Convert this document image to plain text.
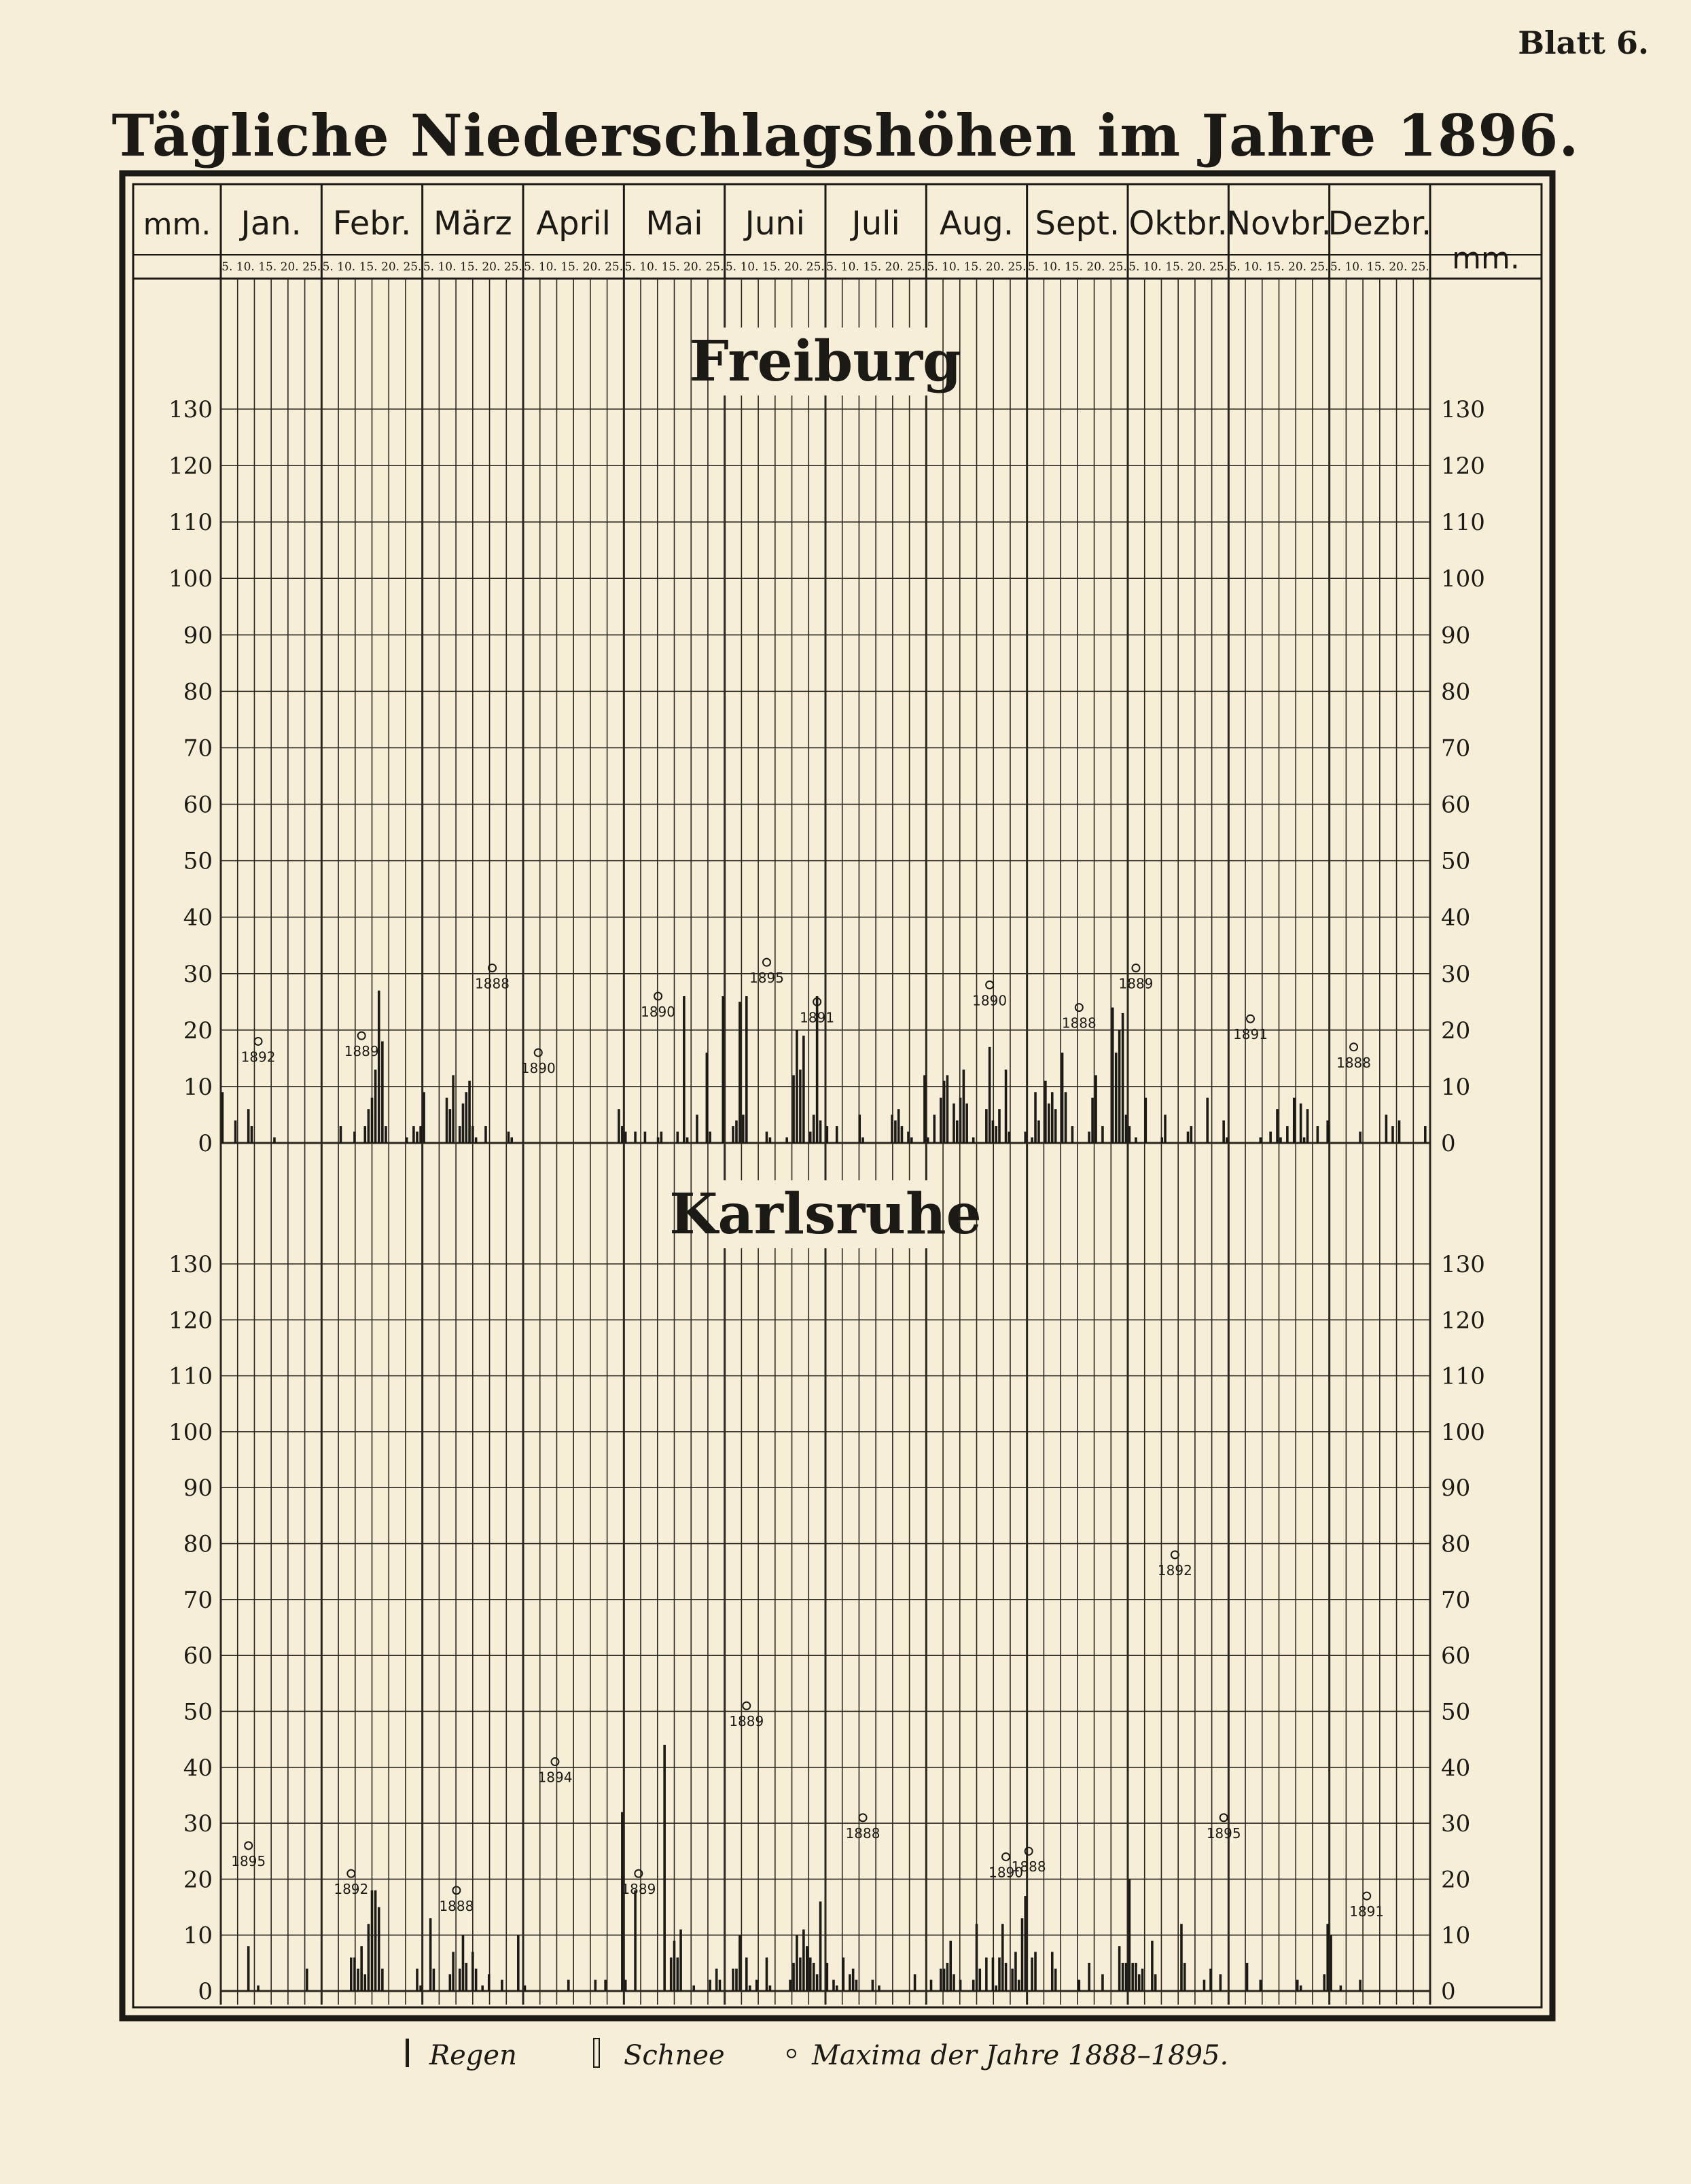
Blatt 6.
Tägliche Niederschlagshöhen im Jahre 1896.
mm.
mm.
Jan.
5. 10. 15. 20. 25.
Febr.
5. 10. 15. 20. 25.
März
5. 10. 15. 20. 25.
April
5. 10. 15. 20. 25.
Mai
5. 10. 15. 20. 25.
Juni
5. 10. 15. 20. 25.
Juli
5. 10. 15. 20. 25.
Aug.
5. 10. 15. 20. 25.
Sept.
5. 10. 15. 20. 25.
Oktbr.
5. 10. 15. 20. 25.
Novbr.
5. 10. 15. 20. 25.
Dezbr.
5. 10. 15. 20. 25.
0	0
10	10
20	20
30	30
40	40
50	50
60	60
70	70
80	80
90	90
100	100
110	110
120	120
130	130
Freiburg
1892	1889
1888
1890
1890
1895
1891
1890
1888
1889
1891
1888
0	0
10	10
20	20
30	30
40	40
50	50
60	60
70	70
80	80
90	90
100	100
110	110
120	120
130	130
Karlsruhe
1895
1892
1888
1894
1889
1889
1888
1890
1888
1892
1895
1891
Regen	Schnee	Maxima der Jahre 1888–1895.
